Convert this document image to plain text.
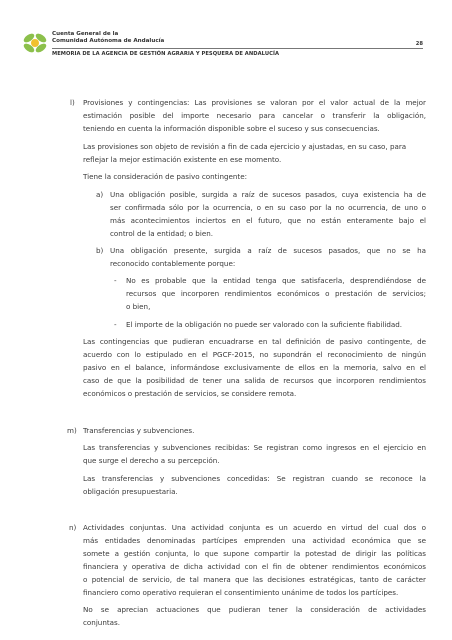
Cuenta General de la
Comunidad Autónoma de Andalucía	28
MEMORIA DE LA AGENCIA DE GESTIÓN AGRARIA Y PESQUERA DE ANDALUCÍA
l) Provisiones y contingencias: Las provisiones se valoran por el valor actual de la mejor
estimación posible del importe necesario para cancelar o transferir la obligación,
teniendo en cuenta la información disponible sobre el suceso y sus consecuencias.
Las provisiones son objeto de revisión a fin de cada ejercicio y ajustadas, en su caso, para
reflejar la mejor estimación existente en ese momento.
Tiene la consideración de pasivo contingente:
a) Una obligación posible, surgida a raíz de sucesos pasados, cuya existencia ha de
ser confirmada sólo por la ocurrencia, o en su caso por la no ocurrencia, de uno o
más acontecimientos inciertos en el futuro, que no están enteramente bajo el
control de la entidad; o bien.
b) Una obligación presente, surgida a raíz de sucesos pasados, que no se ha
reconocido contablemente porque:
- No es probable que la entidad tenga que satisfacerla, desprendiéndose de
recursos que incorporen rendimientos económicos o prestación de servicios;
o bien,
- El importe de la obligación no puede ser valorado con la suficiente fiabilidad.
Las contingencias que pudieran encuadrarse en tal definición de pasivo contingente, de
acuerdo con lo estipulado en el PGCF-2015, no supondrán el reconocimiento de ningún
pasivo en el balance, informándose exclusivamente de ellos en la memoria, salvo en el
caso de que la posibilidad de tener una salida de recursos que incorporen rendimientos
económicos o prestación de servicios, se considere remota.
m) Transferencias y subvenciones.
Las transferencias y subvenciones recibidas: Se registran como ingresos en el ejercicio en
que surge el derecho a su percepción.
Las transferencias y subvenciones concedidas: Se registran cuando se reconoce la
obligación presupuestaria.
n) Actividades conjuntas. Una actividad conjunta es un acuerdo en virtud del cual dos o
más entidades denominadas partícipes emprenden una actividad económica que se
somete a gestión conjunta, lo que supone compartir la potestad de dirigir las políticas
financiera y operativa de dicha actividad con el fin de obtener rendimientos económicos
o potencial de servicio, de tal manera que las decisiones estratégicas, tanto de carácter
financiero como operativo requieran el consentimiento unánime de todos los partícipes.
No se aprecian actuaciones que pudieran tener la consideración de actividades
conjuntas.
